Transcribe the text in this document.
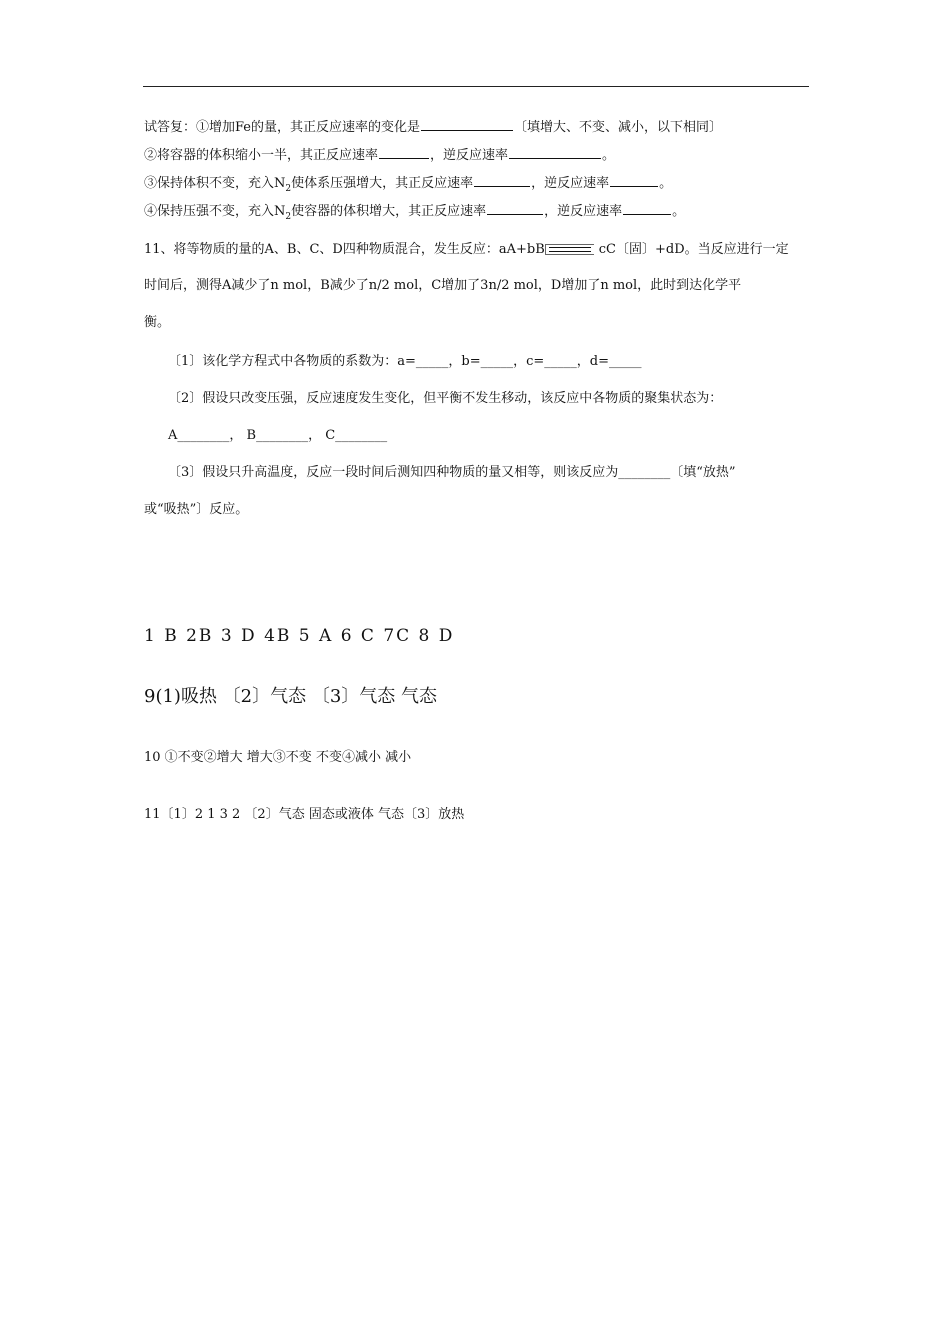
试答复：①增加Fe的量，其正反应速率的变化是	〔填增大、不变、减小，以下相同〕
②将容器的体积缩小一半，其正反应速率	，逆反应速率	。
③保持体积不变，充入$N_2$使体系压强增大，其正反应速率	，逆反应速率	。
④保持压强不变，充入$N_2$使容器的体积增大，其正反应速率	，逆反应速率	。
11、将等物质的量的A、B、C、D四种物质混合，发生反应：aA+bB	cC〔固〕+dD。当反应进行一定
时间后，测得A减少了n mol，B减少了n/2 mol，C增加了3n/2 mol，D增加了n mol，此时到达化学平
衡。
〔1〕该化学方程式中各物质的系数为：a=_____，b=_____，c=_____，d=_____
〔2〕假设只改变压强，反应速度发生变化，但平衡不发生移动，该反应中各物质的聚集状态为：
A________， B________， C________
〔3〕假设只升高温度，反应一段时间后测知四种物质的量又相等，则该反应为________〔填“放热”
或“吸热”〕反应。
1 B 2B 3 D 4B 5 A 6 C 7C 8 D
9(1)吸热 〔2〕气态 〔3〕气态 气态
10 ①不变②增大 增大③不变 不变④减小 减小
11〔1〕2 1 3 2 〔2〕气态 固态或液体 气态〔3〕放热
